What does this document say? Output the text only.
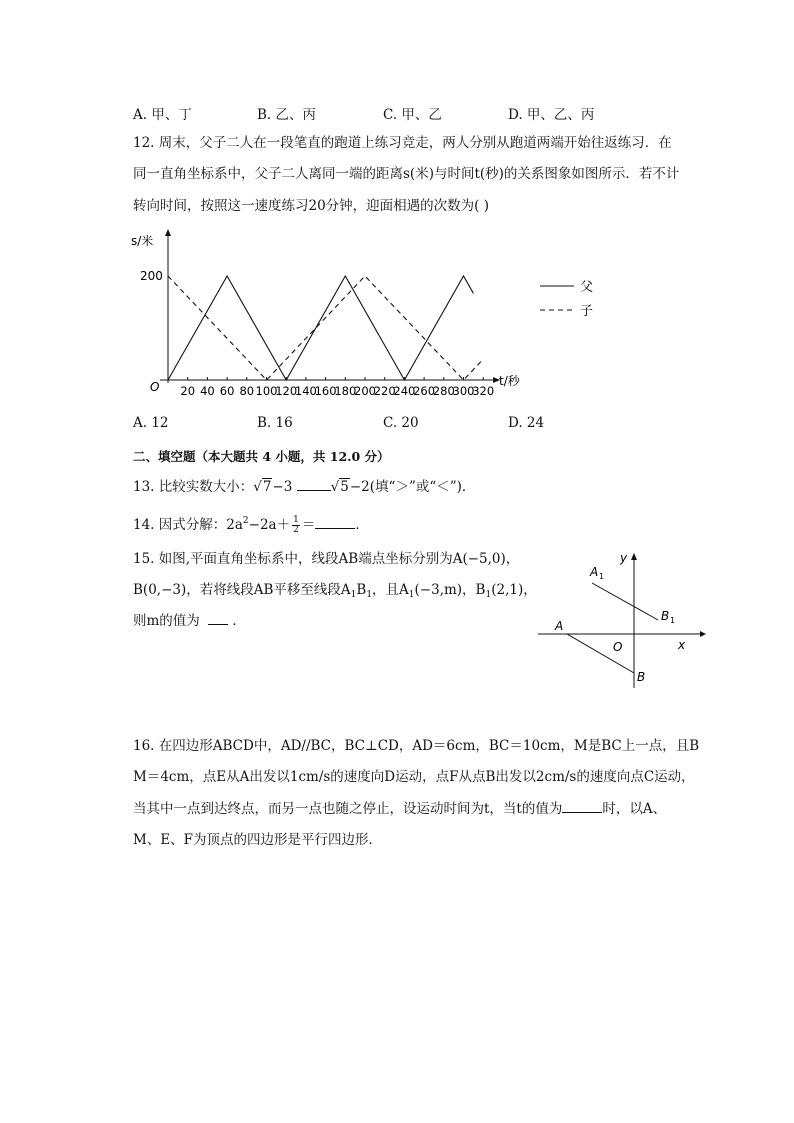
A. 甲、丁	B. 乙、丙	C. 甲、乙	D. 甲、乙、丙
12. 周末，父子二人在一段笔直的跑道上练习竞走，两人分别从跑道两端开始往返练习．在
同一直角坐标系中，父子二人离同一端的距离s(米)与时间t(秒)的关系图象如图所示．若不计
转向时间，按照这一速度练习20分钟，迎面相遇的次数为( )
s/米
t/秒
O
200
20 40 60 80 100
120
140
160
180
200
220
240
260
280
300
320
父
子
A. 12	B. 16	C. 20	D. 24
二、填空题（本大题共 4 小题，共 12.0 分）
13. 比较实数大小：√7−3	√5−2(填“＞”或“＜”)．
14. 因式分解：$2a^2-2a+ \frac{1}{2}$ ＝	．
15. 如图,平面直角坐标系中，线段AB端点坐标分别为A(−5,0)，
B(0,−3)，若将线段AB平移至线段$A_1B_1$，且$A_1(-3,m)$，$B_1(2,1)$，
则m的值为 ．
y
x
O
A
B
A 1
B 1
16. 在四边形ABCD中，AD//BC，BC⊥CD，AD＝6cm，BC＝10cm，M是BC上一点，且B
M＝4cm，点E从A出发以1cm/s的速度向D运动，点F从点B出发以2cm/s的速度向点C运动，
当其中一点到达终点，而另一点也随之停止，设运动时间为t，当t的值为	时，以A、
M、E、F为顶点的四边形是平行四边形．
